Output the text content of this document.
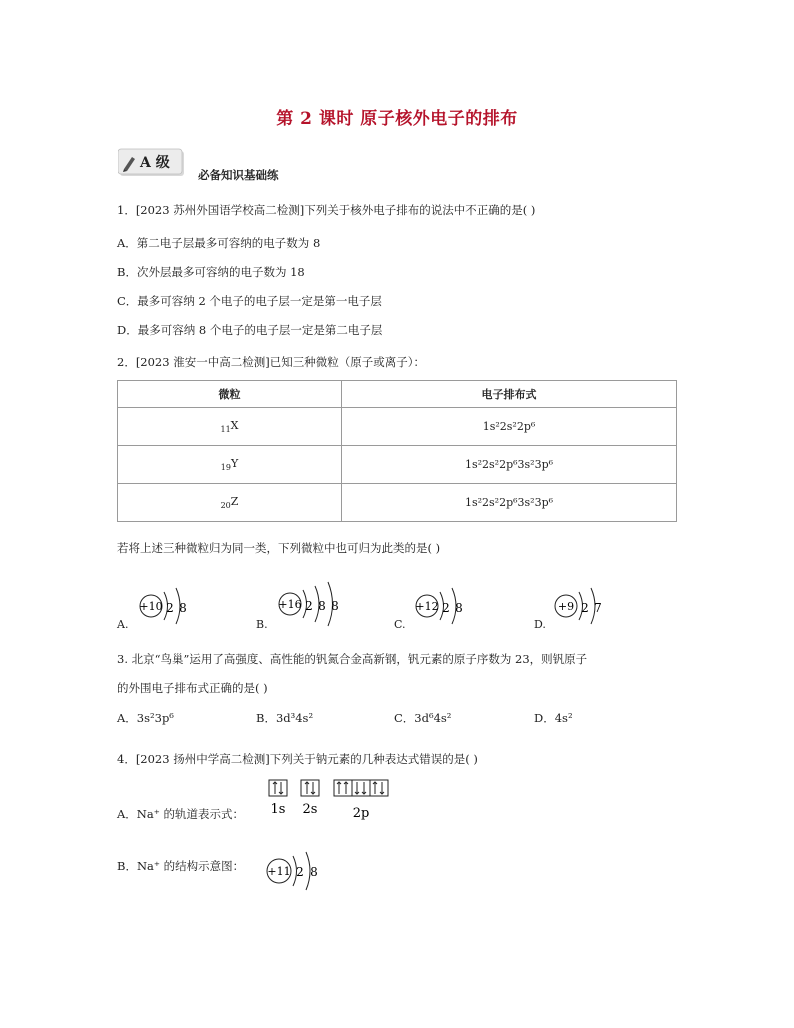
第 2 课时 原子核外电子的排布
A 级
必备知识基础练
1．[2023 苏州外国语学校高二检测]下列关于核外电子排布的说法中不正确的是( )
A．第二电子层最多可容纳的电子数为 8
B．次外层最多可容纳的电子数为 18
C．最多可容纳 2 个电子的电子层一定是第一电子层
D．最多可容纳 8 个电子的电子层一定是第二电子层
2．[2023 淮安一中高二检测]已知三种微粒（原子或离子）：
微粒	电子排布式
$_{11}$X	1s²2s²2p⁶
$_{19}$Y	1s²2s²2p⁶3s²3p⁶
$_{20}$Z	1s²2s²2p⁶3s²3p⁶
若将上述三种微粒归为同一类，下列微粒中也可归为此类的是( )
A.
+10 2 8
B.
+16 2 8 8
C.
+12 2 8
D.
+9 2 7
3. 北京“鸟巢”运用了高强度、高性能的钒氮合金高新钢，钒元素的原子序数为 23，则钒原子
的外围电子排布式正确的是( )
A．3s²3p⁶	B．3d³4s²	C．3d⁶4s²	D．4s²
4．[2023 扬州中学高二检测]下列关于钠元素的几种表达式错误的是( )
A．Na⁺ 的轨道表示式： 1s 2s	2p
B．Na⁺ 的结构示意图： +11 2 8
